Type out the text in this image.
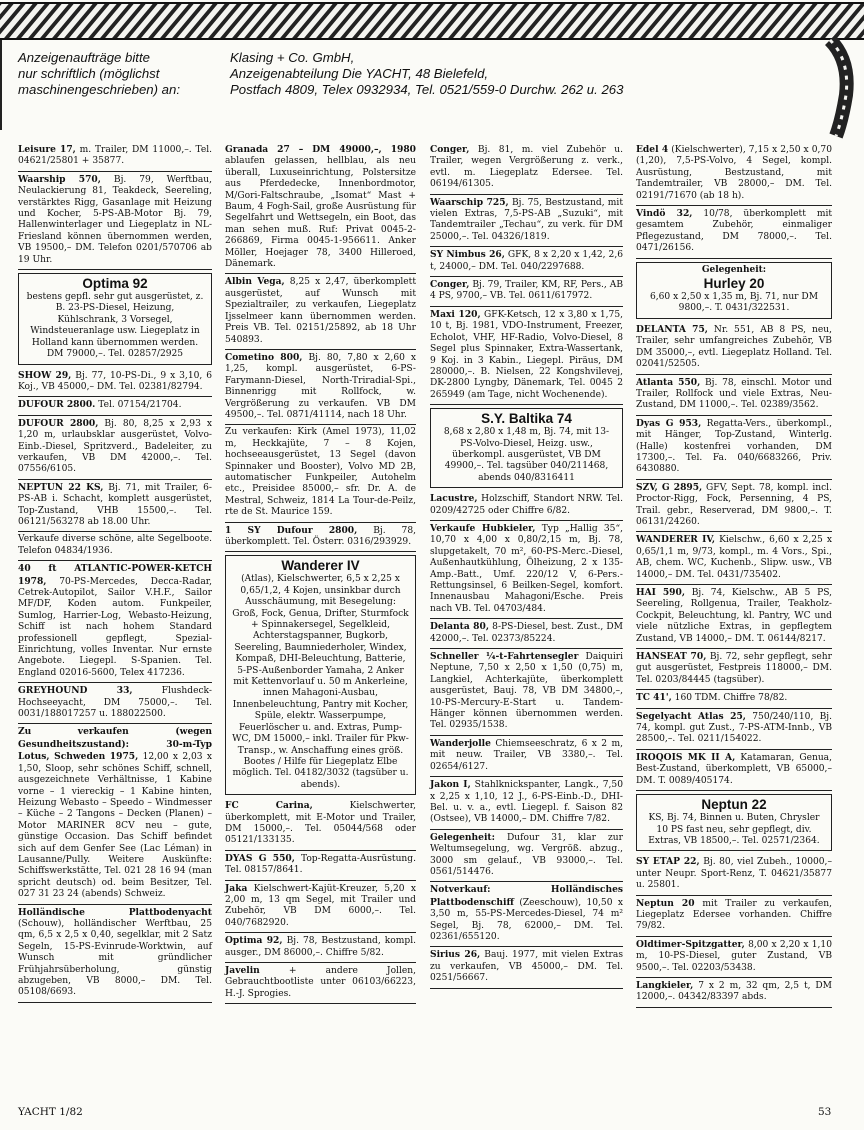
Anzeigenaufträge bitte
nur schriftlich (möglichst
maschinengeschrieben) an:
Klasing + Co. GmbH,
Anzeigenabteilung Die YACHT, 48 Bielefeld,
Postfach 4809, Telex 0932934, Tel. 0521/559-0 Durchw. 262 u. 263
Leisure 17, m. Trailer, DM 11000,–. Tel. 04621/25801 + 35877.
Waarship 570, Bj. 79, Werftbau, Neulackierung 81, Teakdeck, Seereling, verstärktes Rigg, Gasanlage mit Heizung und Kocher, 5-PS-AB-Motor Bj. 79, Hallenwinterlager und Liegeplatz in NL-Friesland können übernommen werden, VB 19500,– DM. Telefon 0201/570706 ab 19 Uhr.
Optima 92
bestens gepfl. sehr gut ausgerüstet, z. B. 23-PS-Diesel, Heizung, Kühlschrank, 3 Vorsegel, Windsteueranlage usw. Liegeplatz in Holland kann übernommen werden. DM 79000,–. Tel. 02857/2925
SHOW 29, Bj. 77, 10-PS-Di., 9 x 3,10, 6 Koj., VB 45000,– DM. Tel. 02381/82794.
DUFOUR 2800. Tel. 07154/21704.
DUFOUR 2800, Bj. 80, 8,25 x 2,93 x 1,20 m, urlaubsklar ausgerüstet, Volvo-Einb.-Diesel, Spritzverd., Badeleiter, zu verkaufen, VB DM 42000,–. Tel. 07556/6105.
NEPTUN 22 KS, Bj. 71, mit Trailer, 6-PS-AB i. Schacht, komplett ausgerüstet, Top-Zustand, VHB 15500,–. Tel. 06121/563278 ab 18.00 Uhr.
Verkaufe diverse schöne, alte Segelboote. Telefon 04834/1936.
40 ft ATLANTIC-POWER-KETCH 1978, 70-PS-Mercedes, Decca-Radar, Cetrek-Autopilot, Sailor V.H.F., Sailor MF/DF, Koden autom. Funkpeiler, Sumlog, Harrier-Log, Webasto-Heizung, Schiff ist nach hohem Standard professionell gepflegt, Spezial-Einrichtung, volles Inventar. Nur ernste Angebote. Liegepl. S-Spanien. Tel. England 02016-5600, Telex 417236.
GREYHOUND 33, Flushdeck-Hochseeyacht, DM 75000,–. Tel. 0031/188017257 u. 188022500.
Zu verkaufen (wegen Gesundheitszustand): 30-m-Typ Lotus, Schweden 1975, 12,00 x 2,03 x 1,50, Sloop, sehr schönes Schiff, schnell, ausgezeichnete Verhältnisse, 1 Kabine vorne – 1 viereckig – 1 Kabine hinten, Heizung Webasto – Speedo – Windmesser – Küche – 2 Tangons – Decken (Planen) – Motor MARINER 8CV neu – gute, günstige Occasion. Das Schiff befindet sich auf dem Genfer See (Lac Léman) in Lausanne/Pully. Weitere Auskünfte: Schiffswerkstätte, Tel. 021 28 16 94 (man spricht deutsch) od. beim Besitzer, Tel. 027 31 23 24 (abends) Schweiz.
Holländische Plattbodenyacht (Schouw), holländischer Werftbau, 25 qm, 6,5 x 2,5 x 0,40, segelklar, mit 2 Satz Segeln, 15-PS-Evinrude-Worktwin, auf Wunsch mit gründlicher Frühjahrsüberholung, günstig abzugeben, VB 8000,– DM. Tel. 05108/6693.
Granada 27 – DM 49000,–, 1980 ablaufen gelassen, hellblau, als neu überall, Luxuseinrichtung, Polstersitze aus Pferdedecke, Innenbordmotor, M/Gori-Faltschraube, „Isomat“ Mast + Baum, 4 Fogh-Sail, große Ausrüstung für Segelfahrt und Wettsegeln, ein Boot, das man sehen muß. Ruf: Privat 0045-2-266869, Firma 0045-1-956611. Anker Möller, Hoejager 78, 3400 Hilleroed, Dänemark.
Albin Vega, 8,25 x 2,47, überkomplett ausgerüstet, auf Wunsch mit Spezialtrailer, zu verkaufen, Liegeplatz Ijsselmeer kann übernommen werden. Preis VB. Tel. 02151/25892, ab 18 Uhr 540893.
Cometino 800, Bj. 80, 7,80 x 2,60 x 1,25, kompl. ausgerüstet, 6-PS-Farymann-Diesel, North-Triradial-Spi., Binnenrigg mit Rollfock, w. Vergrößerung zu verkaufen. VB DM 49500,–. Tel. 0871/41114, nach 18 Uhr.
Zu verkaufen: Kirk (Amel 1973), 11,02 m, Heckkajüte, 7 – 8 Kojen, hochseeausgerüstet, 13 Segel (davon Spinnaker und Booster), Volvo MD 2B, automatischer Funkpeiler, Autohelm etc., Preisidee 85000,– sfr. Dr. A. de Mestral, Schweiz, 1814 La Tour-de-Peilz, rte de St. Maurice 159.
1 SY Dufour 2800, Bj. 78, überkomplett. Tel. Österr. 0316/293929.
Wanderer IV
(Atlas), Kielschwerter, 6,5 x 2,25 x 0,65/1,2, 4 Kojen, unsinkbar durch Ausschäumung, mit Besegelung: Groß, Fock, Genua, Drifter, Sturmfock + Spinnakersegel, Segelkleid, Achterstagspanner, Bugkorb, Seereling, Baumniederholer, Windex, Kompaß, DHI-Beleuchtung, Batterie, 5-PS-Außenborder Yamaha, 2 Anker mit Kettenvorlauf u. 50 m Ankerleine, innen Mahagoni-Ausbau, Innenbeleuchtung, Pantry mit Kocher, Spüle, elektr. Wasserpumpe, Feuerlöscher u. and. Extras, Pump-WC, DM 15000,– inkl. Trailer für Pkw-Transp., w. Anschaffung eines größ. Bootes / Hilfe für Liegeplatz Elbe möglich. Tel. 04182/3032 (tagsüber u. abends).
FC Carina, Kielschwerter, überkomplett, mit E-Motor und Trailer, DM 15000,–. Tel. 05044/568 oder 05121/133135.
DYAS G 550, Top-Regatta-Ausrüstung. Tel. 08157/8641.
Jaka Kielschwert-Kajüt-Kreuzer, 5,20 x 2,00 m, 13 qm Segel, mit Trailer und Zubehör, VB DM 6000,–. Tel. 040/7682920.
Optima 92, Bj. 78, Bestzustand, kompl. ausger., DM 86000,–. Chiffre 5/82.
Javelin + andere Jollen, Gebrauchtbootliste unter 06103/66223, H.-J. Sprogies.
Conger, Bj. 81, m. viel Zubehör u. Trailer, wegen Vergrößerung z. verk., evtl. m. Liegeplatz Edersee. Tel. 06194/61305.
Waarschip 725, Bj. 75, Bestzustand, mit vielen Extras, 7,5-PS-AB „Suzuki“, mit Tandemtrailer „Techau“, zu verk. für DM 25000,–. Tel. 04326/1819.
SY Nimbus 26, GFK, 8 x 2,20 x 1,42, 2,6 t, 24000,– DM. Tel. 040/2297688.
Conger, Bj. 79, Trailer, KM, RF, Pers., AB 4 PS, 9700,– VB. Tel. 0611/617972.
Maxi 120, GFK-Ketsch, 12 x 3,80 x 1,75, 10 t, Bj. 1981, VDO-Instrument, Freezer, Echolot, VHF, HF-Radio, Volvo-Diesel, 8 Segel plus Spinnaker, Extra-Wassertank, 9 Koj. in 3 Kabin., Liegepl. Piräus, DM 280000,–. B. Nielsen, 22 Kongshvilevej, DK-2800 Lyngby, Dänemark, Tel. 0045 2 265949 (am Tage, nicht Wochenende).
S.Y. Baltika 74
8,68 x 2,80 x 1,48 m, Bj. 74, mit 13-PS-Volvo-Diesel, Heizg. usw., überkompl. ausgerüstet, VB DM 49900,–. Tel. tagsüber 040/211468, abends 040/8316411
Lacustre, Holzschiff, Standort NRW. Tel. 0209/42725 oder Chiffre 6/82.
Verkaufe Hubkieler, Typ „Hallig 35“, 10,70 x 4,00 x 0,80/2,15 m, Bj. 78, slupgetakelt, 70 m², 60-PS-Merc.-Diesel, Außenhautkühlung, Ölheizung, 2 x 135-Amp.-Batt., Umf. 220/12 V, 6-Pers.-Rettungsinsel, 6 Beilken-Segel, komfort. Innenausbau Mahagoni/Esche. Preis nach VB. Tel. 04703/484.
Delanta 80, 8-PS-Diesel, best. Zust., DM 42000,–. Tel. 02373/85224.
Schneller ¼-t-Fahrtensegler Daiquiri Neptune, 7,50 x 2,50 x 1,50 (0,75) m, Langkiel, Achterkajüte, überkomplett ausgerüstet, Bauj. 78, VB DM 34800,–, 10-PS-Mercury-E-Start u. Tandem-Hänger können übernommen werden. Tel. 02935/1538.
Wanderjolle Chiemseeschratz, 6 x 2 m, mit neuw. Trailer, VB 3380,–. Tel. 02654/6127.
Jakon I, Stahlknickspanter, Langk., 7,50 x 2,25 x 1,10, 12 J., 6-PS-Einb.-D., DHI-Bel. u. v. a., evtl. Liegepl. f. Saison 82 (Ostsee), VB 14000,– DM. Chiffre 7/82.
Gelegenheit: Dufour 31, klar zur Weltumsegelung, wg. Vergröß. abzug., 3000 sm gelauf., VB 93000,–. Tel. 0561/514476.
Notverkauf: Holländisches Plattbodenschiff (Zeeschouw), 10,50 x 3,50 m, 55-PS-Mercedes-Diesel, 74 m² Segel, Bj. 78, 62000,– DM. Tel. 02361/655120.
Sirius 26, Bauj. 1977, mit vielen Extras zu verkaufen, VB 45000,– DM. Tel. 0251/56667.
Edel 4 (Kielschwerter), 7,15 x 2,50 x 0,70 (1,20), 7,5-PS-Volvo, 4 Segel, kompl. Ausrüstung, Bestzustand, mit Tandemtrailer, VB 28000,– DM. Tel. 02191/71670 (ab 18 h).
Vindö 32, 10/78, überkomplett mit gesamtem Zubehör, einmaliger Pflegezustand, DM 78000,–. Tel. 0471/26156.
Gelegenheit:
Hurley 20
6,60 x 2,50 x 1,35 m, Bj. 71, nur DM 9800,–. T. 0431/322531.
DELANTA 75, Nr. 551, AB 8 PS, neu, Trailer, sehr umfangreiches Zubehör, VB DM 35000,–, evtl. Liegeplatz Holland. Tel. 02041/52505.
Atlanta 550, Bj. 78, einschl. Motor und Trailer, Rollfock und viele Extras, Neu-Zustand, DM 11000,–. Tel. 02389/3562.
Dyas G 953, Regatta-Vers., überkompl., mit Hänger, Top-Zustand, Winterlg. (Halle) kostenfrei vorhanden, DM 17300,–. Tel. Fa. 040/6683266, Priv. 6430880.
SZV, G 2895, GFV, Sept. 78, kompl. incl. Proctor-Rigg, Fock, Persenning, 4 PS, Trail. gebr., Reserverad, DM 9800,–. T. 06131/24260.
WANDERER IV, Kielschw., 6,60 x 2,25 x 0,65/1,1 m, 9/73, kompl., m. 4 Vors., Spi., AB, chem. WC, Kuchenb., Slipw. usw., VB 14000,– DM. Tel. 0431/735402.
HAI 590, Bj. 74, Kielschw., AB 5 PS, Seereling, Rollgenua, Trailer, Teakholz-Cockpit, Beleuchtung, kl. Pantry, WC und viele nützliche Extras, in gepflegtem Zustand, VB 14000,– DM. T. 06144/8217.
HANSEAT 70, Bj. 72, sehr gepflegt, sehr gut ausgerüstet, Festpreis 118000,– DM. Tel. 0203/84445 (tagsüber).
TC 41', 160 TDM. Chiffre 78/82.
Segelyacht Atlas 25, 750/240/110, Bj. 74, kompl. gut Zust., 7-PS-ATM-Innb., VB 28500,–. Tel. 0211/154022.
IROQOIS MK II A, Katamaran, Genua, Best-Zustand, überkomplett, VB 65000,– DM. T. 0089/405174.
Neptun 22
KS, Bj. 74, Binnen u. Buten, Chrysler 10 PS fast neu, sehr gepflegt, div. Extras, VB 18500,–. Tel. 02571/2364.
SY ETAP 22, Bj. 80, viel Zubeh., 10000,– unter Neupr. Sport-Renz, T. 04621/35877 u. 25801.
Neptun 20 mit Trailer zu verkaufen, Liegeplatz Edersee vorhanden. Chiffre 79/82.
Oldtimer-Spitzgatter, 8,00 x 2,20 x 1,10 m, 10-PS-Diesel, guter Zustand, VB 9500,–. Tel. 02203/53438.
Langkieler, 7 x 2 m, 32 qm, 2,5 t, DM 12000,–. 04342/83397 abds.
YACHT 1/82	53
